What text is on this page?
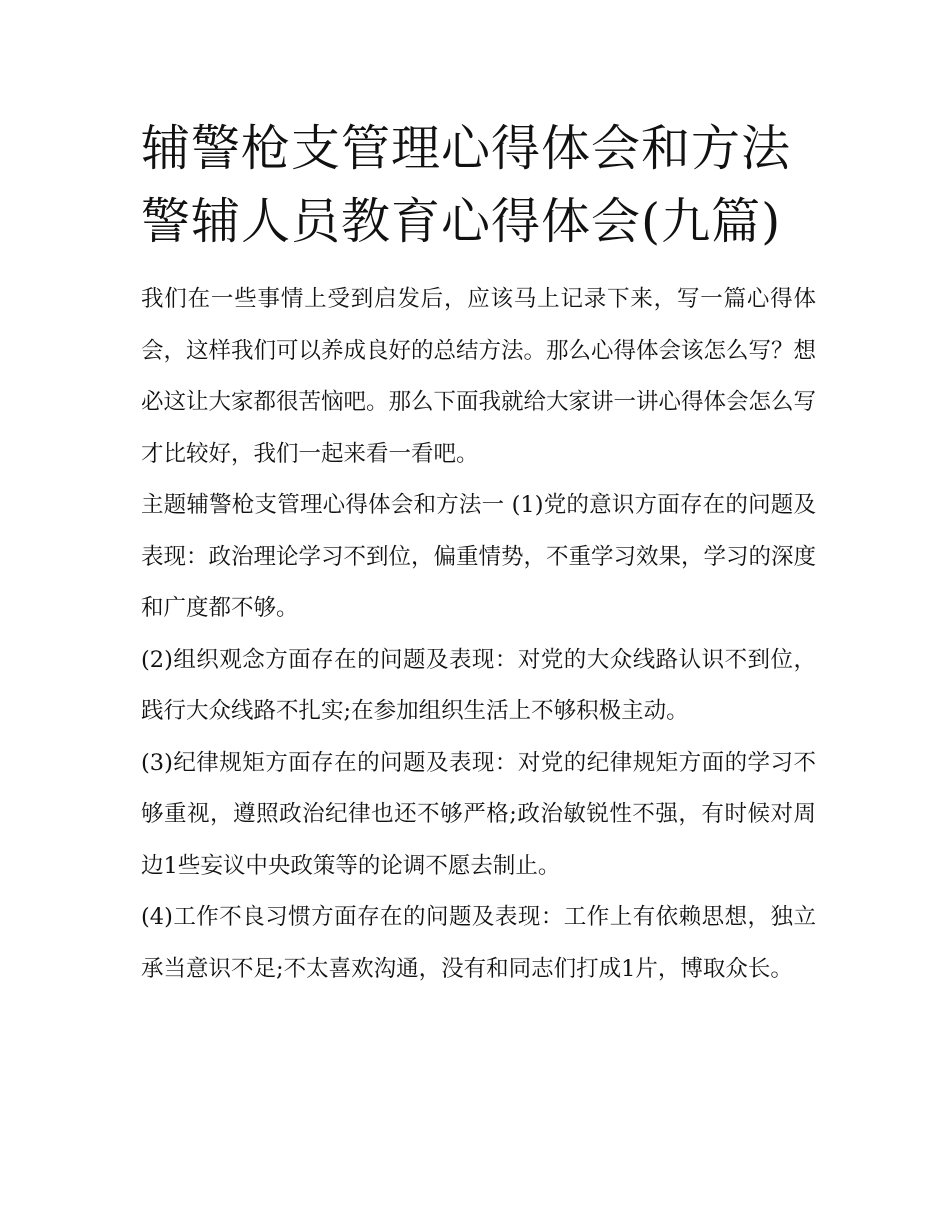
辅警枪支管理心得体会和方法
警辅人员教育心得体会(九篇)

我们在一些事情上受到启发后，应该马上记录下来，写一篇心得体会，这样我们可以养成良好的总结方法。那么心得体会该怎么写？想必这让大家都很苦恼吧。那么下面我就给大家讲一讲心得体会怎么写才比较好，我们一起来看一看吧。

主题辅警枪支管理心得体会和方法一 (1)党的意识方面存在的问题及表现：政治理论学习不到位，偏重情势，不重学习效果，学习的深度和广度都不够。

(2)组织观念方面存在的问题及表现：对党的大众线路认识不到位，践行大众线路不扎实;在参加组织生活上不够积极主动。

(3)纪律规矩方面存在的问题及表现：对党的纪律规矩方面的学习不够重视，遵照政治纪律也还不够严格;政治敏锐性不强，有时候对周边1些妄议中央政策等的论调不愿去制止。

(4)工作不良习惯方面存在的问题及表现：工作上有依赖思想，独立承当意识不足;不太喜欢沟通，没有和同志们打成1片，博取众长。
